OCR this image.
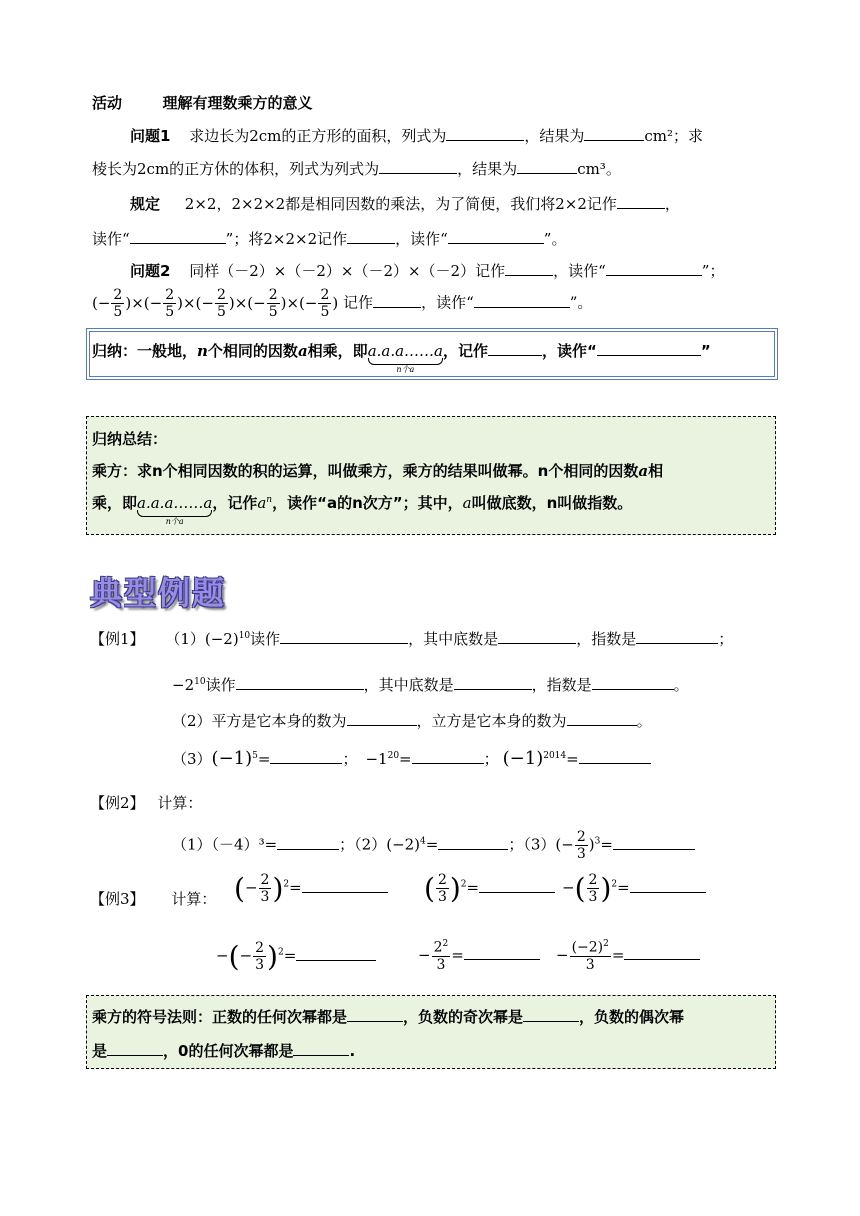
活动	理解有理数乘方的意义
问题1 求边长为2cm的正方形的面积，列式为	，结果为	cm²；求
棱长为2cm的正方休的体积，列式为列式为	，结果为	cm³。
规定 2×2，2×2×2都是相同因数的乘法，为了简便，我们将2×2记作	，
读作“	”；将2×2×2记作	，读作“	”。
问题2 同样（－2）×（－2）×（－2）×（－2）记作	，读作“	”；
(− $\frac{2}{5}$ )×(− $\frac{2}{5}$ )×(− $\frac{2}{5}$ )×(− $\frac{2}{5}$ )×(− $\frac{2}{5}$ ) 记作	，读作“	”。
归纳：一般地，n个相同的因数a相乘，即a.a.a……a
n个a
，记作	，读作“	”
归纳总结：
乘方：求n个相同因数的积的运算，叫做乘方，乘方的结果叫做幂。n个相同的因数a相
乘，即a.a.a……a
n个a
，记作$a^n$，读作“a的n次方”；其中，a叫做底数，n叫做指数。
典型例题
【例1】 $(1)(-2)^{10}$读作	，其中底数是	，指数是	；
$-2^{10}$读作	，其中底数是	，指数是	。
（2）平方是它本身的数为	，立方是它本身的数为	。
$(3)(-1)^5=$	； $-1^{20}=$	； $(-1)^{2014}=$
【例2】 计算：
（1）（－4）³=	；$(2)(-2)^4=$	；$(3)(- \frac{2}{3} )^3=$
【例3】 计算： (− $\frac{2}{3} )^2=$	( $\frac{2}{3} )^2=$	−( $\frac{2}{3} )^2=$
−(− $\frac{2}{3} )^2=$	− $\frac{2^2}{3}$ =	− $\frac{(-2)^2}{3}$ =
乘方的符号法则：正数的任何次幂都是	，负数的奇次幂是	，负数的偶次幂
是	，0的任何次幂都是	.
